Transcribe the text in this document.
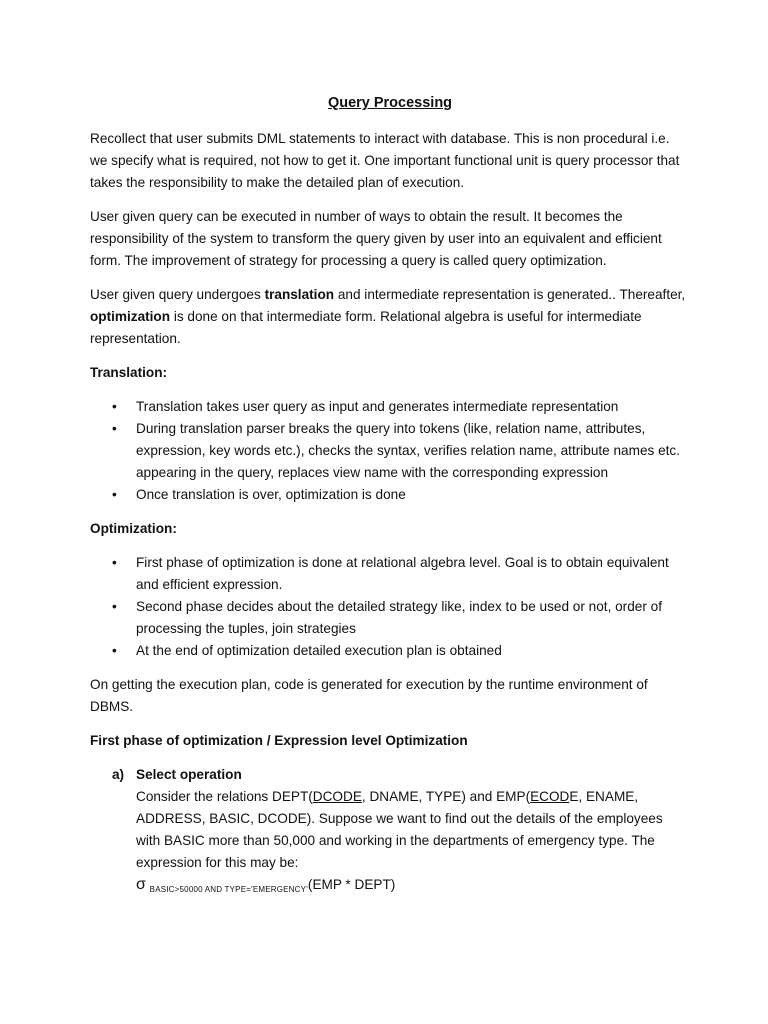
Query Processing

Recollect that user submits DML statements to interact with database. This is non procedural i.e. we specify what is required, not how to get it. One important functional unit is query processor that takes the responsibility to make the detailed plan of execution.

User given query can be executed in number of ways to obtain the result. It becomes the responsibility of the system to transform the query given by user into an equivalent and efficient form. The improvement of strategy for processing a query is called query optimization.

User given query undergoes translation and intermediate representation is generated.. Thereafter, optimization is done on that intermediate form. Relational algebra is useful for intermediate representation.

Translation:
• Translation takes user query as input and generates intermediate representation
• During translation parser breaks the query into tokens (like, relation name, attributes, expression, key words etc.), checks the syntax, verifies relation name, attribute names etc. appearing in the query, replaces view name with the corresponding expression
• Once translation is over, optimization is done
Optimization:
• First phase of optimization is done at relational algebra level. Goal is to obtain equivalent and efficient expression.
• Second phase decides about the detailed strategy like, index to be used or not, order of processing the tuples, join strategies
• At the end of optimization detailed execution plan is obtained

On getting the execution plan, code is generated for execution by the runtime environment of DBMS.

First phase of optimization / Expression level Optimization
a) Select operation
Consider the relations DEPT(DCODE, DNAME, TYPE) and EMP(ECODE, ENAME, ADDRESS, BASIC, DCODE). Suppose we want to find out the details of the employees with BASIC more than 50,000 and working in the departments of emergency type. The expression for this may be:
σ $_{BASIC>50000 AND TYPE='EMERGENCY'}$(EMP * DEPT)
